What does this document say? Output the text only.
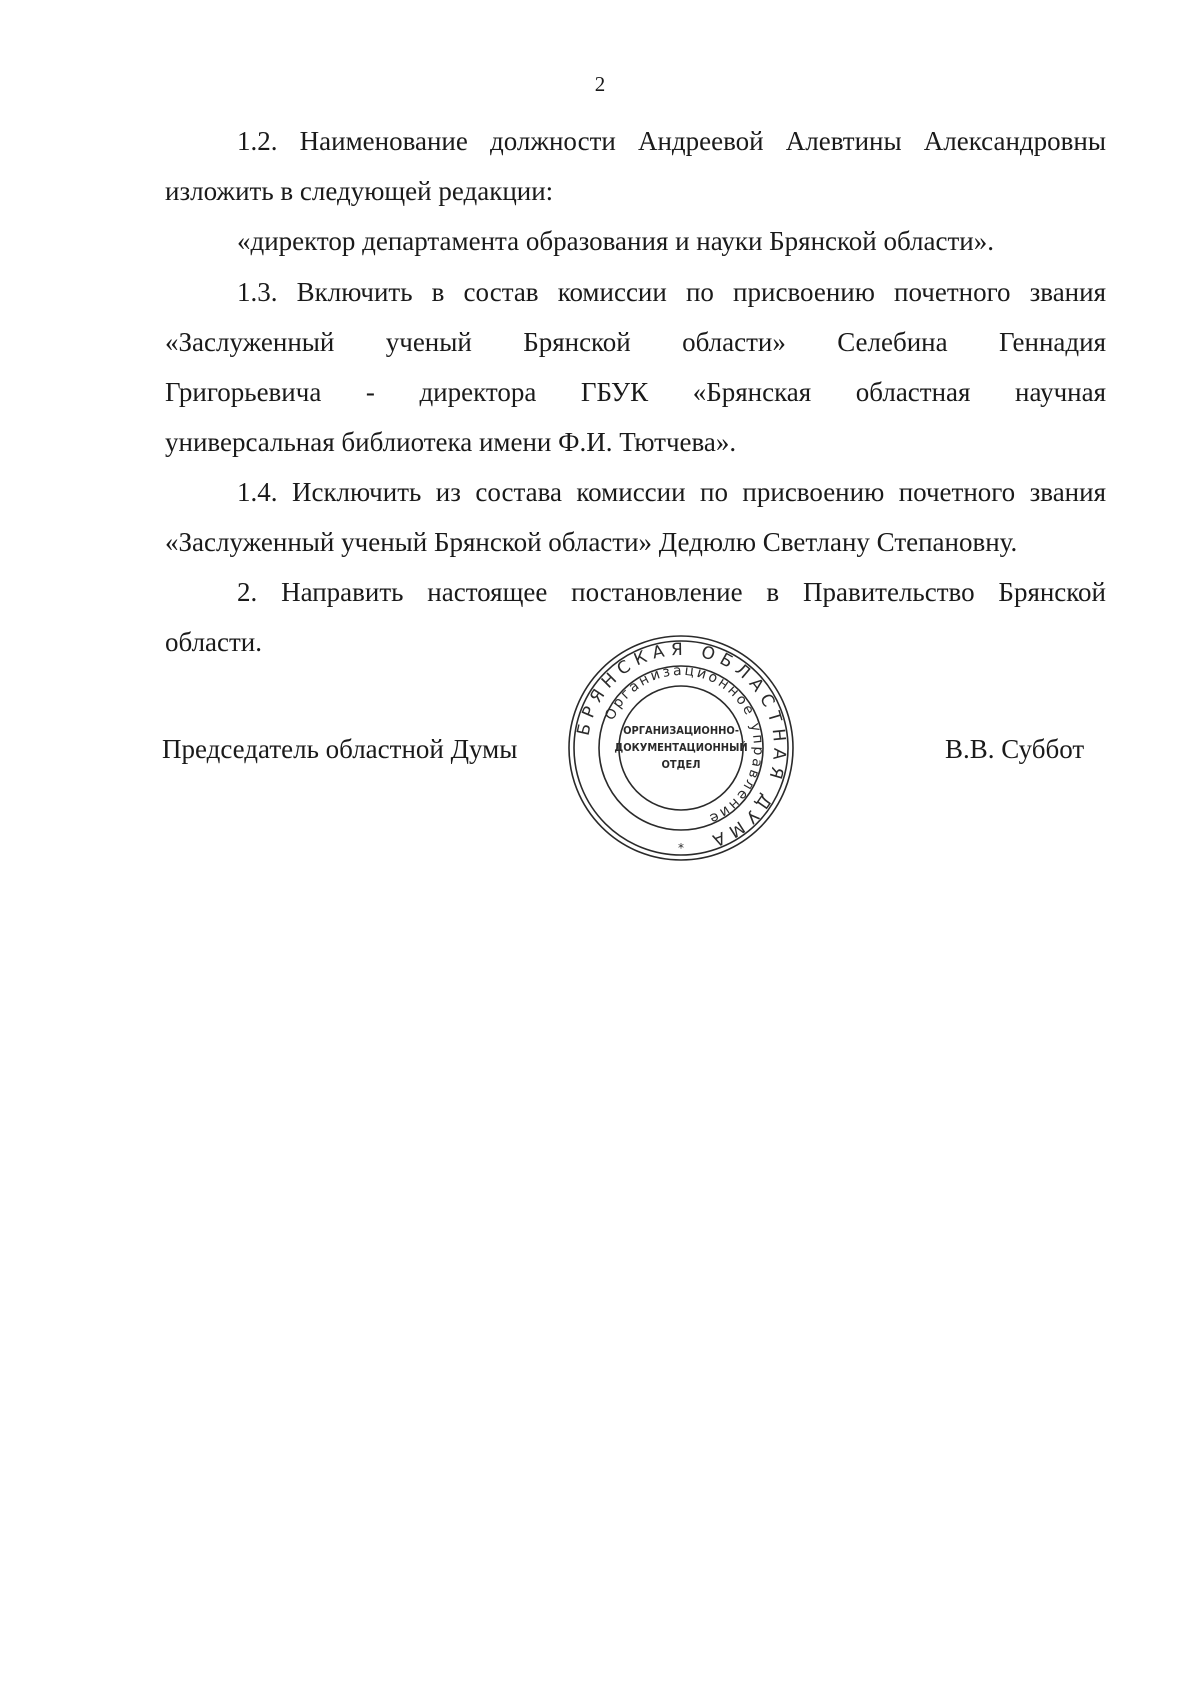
2
1.2. Наименование должности Андреевой Алевтины Александровны
изложить в следующей редакции:
«директор департамента образования и науки Брянской области».
1.3. Включить в состав комиссии по присвоению почетного звания
«Заслуженный ученый Брянской области» Селебина Геннадия
Григорьевича - директора ГБУК «Брянская областная научная
универсальная библиотека имени Ф.И. Тютчева».
1.4. Исключить из состава комиссии по присвоению почетного звания
«Заслуженный ученый Брянской области» Дедюлю Светлану Степановну.
2. Направить настоящее постановление в Правительство Брянской
области.
Председатель областной Думы	В.В. Суббот
БРЯНСКАЯ ОБЛАСТНАЯ ДУМА
Организационное управление
ОРГАНИЗАЦИОННО-
ДОКУМЕНТАЦИОННЫЙ
ОТДЕЛ
*
